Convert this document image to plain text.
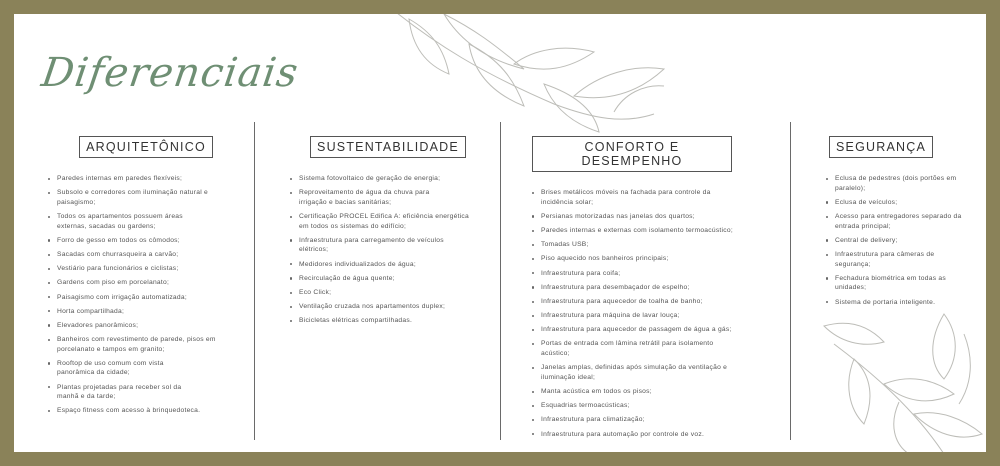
Diferenciais
ARQUITETÔNICO
Paredes internas em paredes flexíveis;
Subsolo e corredores com iluminação natural e paisagismo;
Todos os apartamentos possuem áreas externas, sacadas ou gardens;
Forro de gesso em todos os cômodos;
Sacadas com churrasqueira a carvão;
Vestiário para funcionários e ciclistas;
Gardens com piso em porcelanato;
Paisagismo com irrigação automatizada;
Horta compartilhada;
Elevadores panorâmicos;
Banheiros com revestimento de parede, pisos em porcelanato e tampos em granito;
Rooftop de uso comum com vista panorâmica da cidade;
Plantas projetadas para receber sol da manhã e da tarde;
Espaço fitness com acesso à brinquedoteca.
SUSTENTABILIDADE
Sistema fotovoltaico de geração de energia;
Reproveitamento de água da chuva para irrigação e bacias sanitárias;
Certificação PROCEL Edifica A: eficiência energética em todos os sistemas do edifício;
Infraestrutura para carregamento de veículos elétricos;
Medidores individualizados de água;
Recirculação de água quente;
Eco Click;
Ventilação cruzada nos apartamentos duplex;
Bicicletas elétricas compartilhadas.
CONFORTO E DESEMPENHO
Brises metálicos móveis na fachada para controle da incidência solar;
Persianas motorizadas nas janelas dos quartos;
Paredes internas e externas com isolamento termoacústico;
Tomadas USB;
Piso aquecido nos banheiros principais;
Infraestrutura para coifa;
Infraestrutura para desembaçador de espelho;
Infraestrutura para aquecedor de toalha de banho;
Infraestrutura para máquina de lavar louça;
Infraestrutura para aquecedor de passagem de água a gás;
Portas de entrada com lâmina retrátil para isolamento acústico;
Janelas amplas, definidas após simulação da ventilação e iluminação ideal;
Manta acústica em todos os pisos;
Esquadrias termoacústicas;
Infraestrutura para climatização;
Infraestrutura para automação por controle de voz.
SEGURANÇA
Eclusa de pedestres (dois portões em paralelo);
Eclusa de veículos;
Acesso para entregadores separado da entrada principal;
Central de delivery;
Infraestrutura para câmeras de segurança;
Fechadura biométrica em todas as unidades;
Sistema de portaria inteligente.
